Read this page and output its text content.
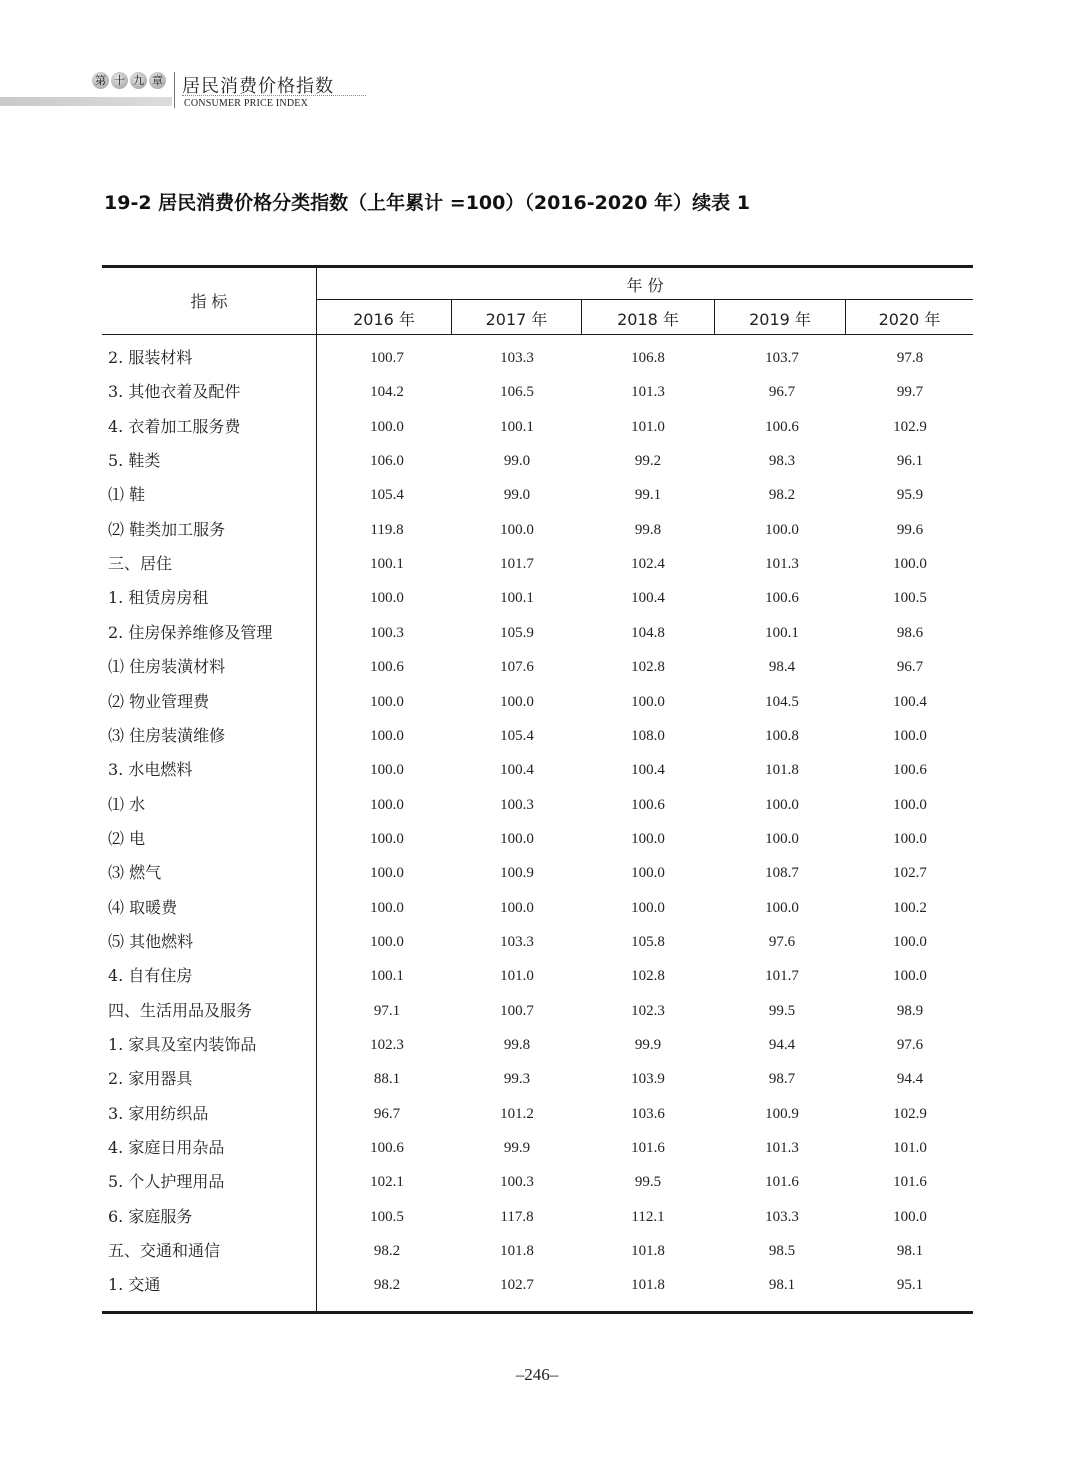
第 十 九 章 居民消费价格指数
CONSUMER PRICE INDEX
19-2 居民消费价格分类指数（上年累计 =100）（2016-2020 年）续表 1
指 标
年 份
2016 年	2017 年	2018 年	2019 年	2020 年
2. 服装材料	100.7	103.3	106.8	103.7	97.8
3. 其他衣着及配件	104.2	106.5	101.3	96.7	99.7
4. 衣着加工服务费	100.0	100.1	101.0	100.6	102.9
5. 鞋类	106.0	99.0	99.2	98.3	96.1
⑴ 鞋	105.4	99.0	99.1	98.2	95.9
⑵ 鞋类加工服务	119.8	100.0	99.8	100.0	99.6
三、居住	100.1	101.7	102.4	101.3	100.0
1. 租赁房房租	100.0	100.1	100.4	100.6	100.5
2. 住房保养维修及管理	100.3	105.9	104.8	100.1	98.6
⑴ 住房装潢材料	100.6	107.6	102.8	98.4	96.7
⑵ 物业管理费	100.0	100.0	100.0	104.5	100.4
⑶ 住房装潢维修	100.0	105.4	108.0	100.8	100.0
3. 水电燃料	100.0	100.4	100.4	101.8	100.6
⑴ 水	100.0	100.3	100.6	100.0	100.0
⑵ 电	100.0	100.0	100.0	100.0	100.0
⑶ 燃气	100.0	100.9	100.0	108.7	102.7
⑷ 取暖费	100.0	100.0	100.0	100.0	100.2
⑸ 其他燃料	100.0	103.3	105.8	97.6	100.0
4. 自有住房	100.1	101.0	102.8	101.7	100.0
四、生活用品及服务	97.1	100.7	102.3	99.5	98.9
1. 家具及室内装饰品	102.3	99.8	99.9	94.4	97.6
2. 家用器具	88.1	99.3	103.9	98.7	94.4
3. 家用纺织品	96.7	101.2	103.6	100.9	102.9
4. 家庭日用杂品	100.6	99.9	101.6	101.3	101.0
5. 个人护理用品	102.1	100.3	99.5	101.6	101.6
6. 家庭服务	100.5	117.8	112.1	103.3	100.0
五、交通和通信	98.2	101.8	101.8	98.5	98.1
1. 交通	98.2	102.7	101.8	98.1	95.1
–246–
